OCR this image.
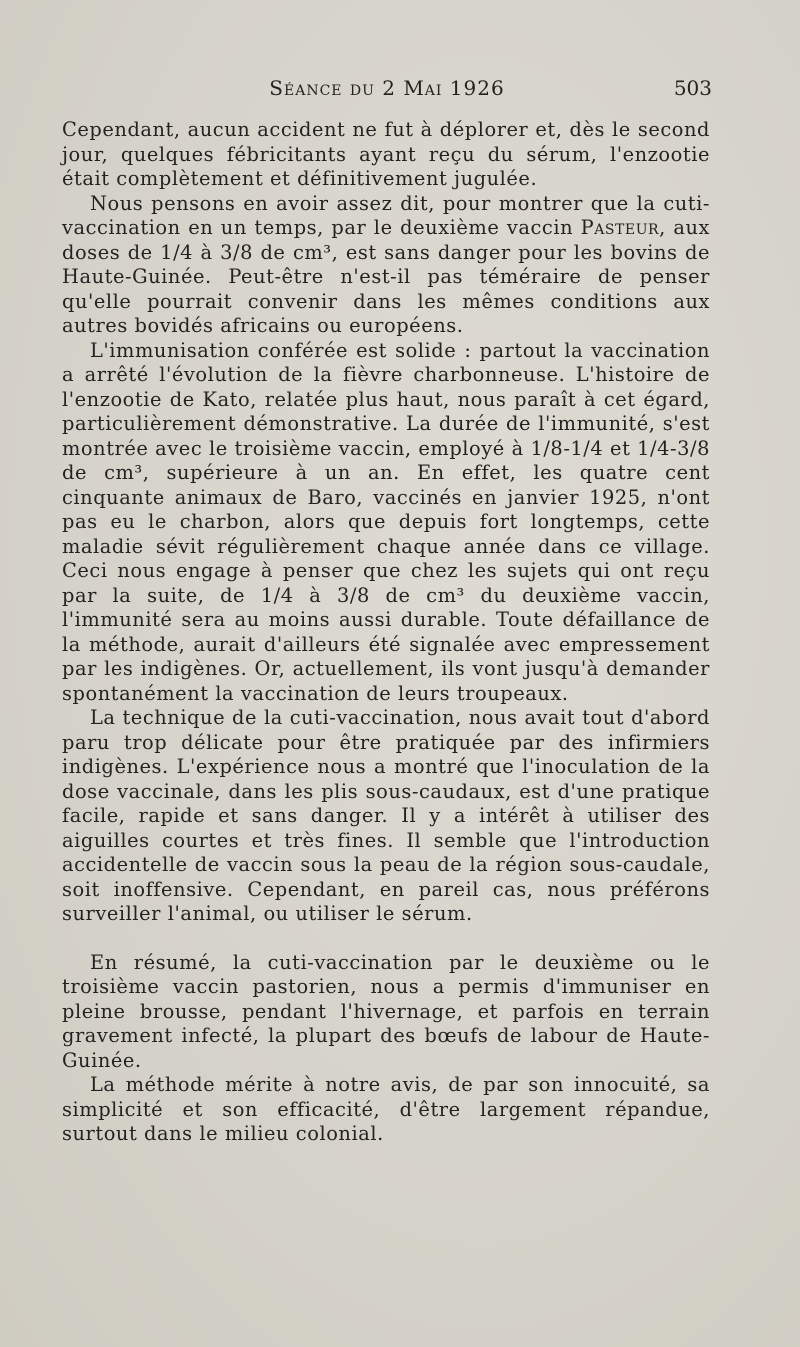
Séance du 2 Mai 1926	503

Cependant, aucun accident ne fut à déplorer et, dès le second jour, quelques fébricitants ayant reçu du sérum, l'enzootie était complètement et définitivement jugulée.

Nous pensons en avoir assez dit, pour montrer que la cuti-vaccination en un temps, par le deuxième vaccin Pasteur, aux doses de 1/4 à 3/8 de cm³, est sans danger pour les bovins de Haute-Guinée. Peut-être n'est-il pas téméraire de penser qu'elle pourrait convenir dans les mêmes conditions aux autres bovidés africains ou européens.

L'immunisation conférée est solide : partout la vaccination a arrêté l'évolution de la fièvre charbonneuse. L'histoire de l'enzootie de Kato, relatée plus haut, nous paraît à cet égard, particulièrement démonstrative. La durée de l'immunité, s'est montrée avec le troisième vaccin, employé à 1/8-1/4 et 1/4-3/8 de cm³, supérieure à un an. En effet, les quatre cent cinquante animaux de Baro, vaccinés en janvier 1925, n'ont pas eu le charbon, alors que depuis fort longtemps, cette maladie sévit régulièrement chaque année dans ce village. Ceci nous engage à penser que chez les sujets qui ont reçu par la suite, de 1/4 à 3/8 de cm³ du deuxième vaccin, l'immunité sera au moins aussi durable. Toute défaillance de la méthode, aurait d'ailleurs été signalée avec empressement par les indigènes. Or, actuellement, ils vont jusqu'à demander spontanément la vaccination de leurs troupeaux.

La technique de la cuti-vaccination, nous avait tout d'abord paru trop délicate pour être pratiquée par des infirmiers indigènes. L'expérience nous a montré que l'inoculation de la dose vaccinale, dans les plis sous-caudaux, est d'une pratique facile, rapide et sans danger. Il y a intérêt à utiliser des aiguilles courtes et très fines. Il semble que l'introduction accidentelle de vaccin sous la peau de la région sous-caudale, soit inoffensive. Cependant, en pareil cas, nous préférons surveiller l'animal, ou utiliser le sérum.

En résumé, la cuti-vaccination par le deuxième ou le troisième vaccin pastorien, nous a permis d'immuniser en pleine brousse, pendant l'hivernage, et parfois en terrain gravement infecté, la plupart des bœufs de labour de Haute-Guinée.

La méthode mérite à notre avis, de par son innocuité, sa simplicité et son efficacité, d'être largement répandue, surtout dans le milieu colonial.
